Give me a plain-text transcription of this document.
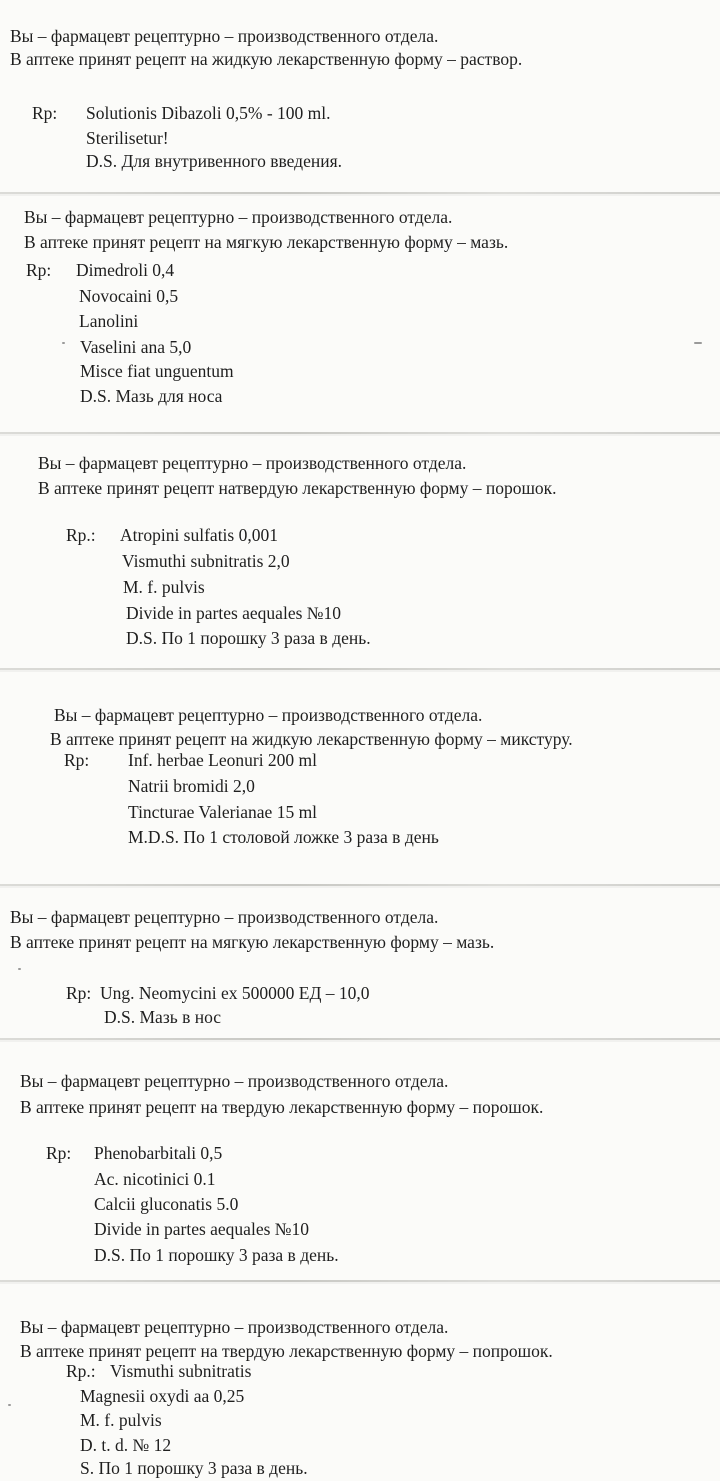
Вы – фармацевт рецептурно – производственного отдела.
В аптеке принят рецепт на жидкую лекарственную форму – раствор.
Rp: Solutionis Dibazoli 0,5% - 100 ml.
Sterilisetur!
D.S. Для внутривенного введения.
Вы – фармацевт рецептурно – производственного отдела.
В аптеке принят рецепт на мягкую лекарственную форму – мазь.
Rp: Dimedroli 0,4
Novocaini 0,5
Lanolini
Vaselini ana 5,0
Misce fiat unguentum
D.S. Мазь для носа
Вы – фармацевт рецептурно – производственного отдела.
В аптеке принят рецепт натвердую лекарственную форму – порошок.
Rp.: Atropini sulfatis 0,001
Vismuthi subnitratis 2,0
M. f. pulvis
Divide in partes aequales №10
D.S. По 1 порошку 3 раза в день.
Вы – фармацевт рецептурно – производственного отдела.
В аптеке принят рецепт на жидкую лекарственную форму – микстуру.
Rp: Inf. herbae Leonuri 200 ml
Natrii bromidi 2,0
Tincturae Valerianae 15 ml
M.D.S. По 1 столовой ложке 3 раза в день
Вы – фармацевт рецептурно – производственного отдела.
В аптеке принят рецепт на мягкую лекарственную форму – мазь.
Rp: Ung. Neomycini ex 500000 ЕД – 10,0
D.S. Мазь в нос
Вы – фармацевт рецептурно – производственного отдела.
В аптеке принят рецепт на твердую лекарственную форму – порошок.
Rp: Phenobarbitali 0,5
Ac. nicotinici 0.1
Calcii gluconatis 5.0
Divide in partes aequales №10
D.S. По 1 порошку 3 раза в день.
Вы – фармацевт рецептурно – производственного отдела.
В аптеке принят рецепт на твердую лекарственную форму – попрошок.
Rp.: Vismuthi subnitratis
Magnesii oxydi aa 0,25
M. f. pulvis
D. t. d. № 12
S. По 1 порошку 3 раза в день.
